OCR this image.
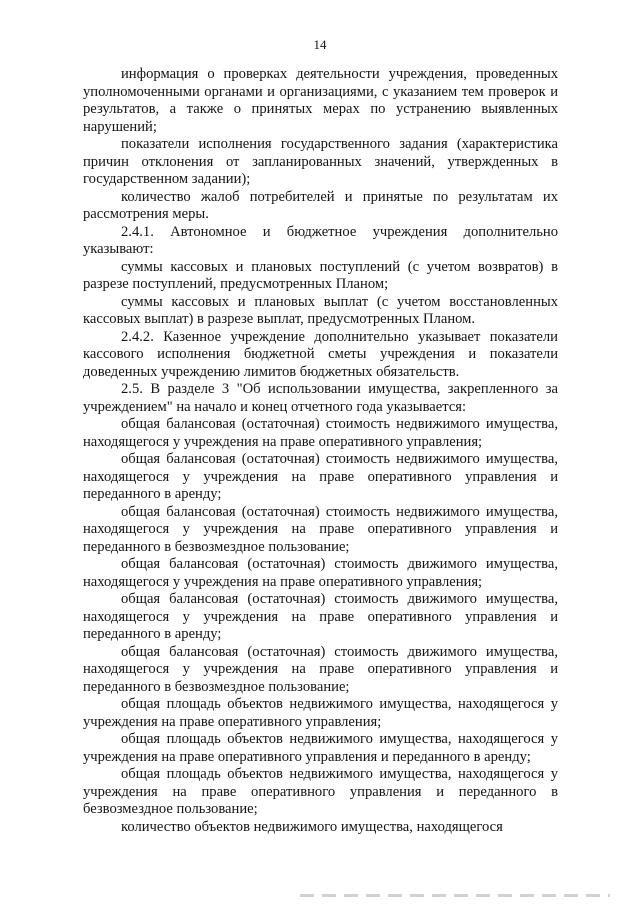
14

информация о проверках деятельности учреждения, проведенных уполномоченными органами и организациями, с указанием тем проверок и результатов, а также о принятых мерах по устранению выявленных нарушений;

показатели исполнения государственного задания (характеристика причин отклонения от запланированных значений, утвержденных в государственном задании);

количество жалоб потребителей и принятые по результатам их рассмотрения меры.

2.4.1. Автономное и бюджетное учреждения дополнительно указывают:

суммы кассовых и плановых поступлений (с учетом возвратов) в разрезе поступлений, предусмотренных Планом;

суммы кассовых и плановых выплат (с учетом восстановленных кассовых выплат) в разрезе выплат, предусмотренных Планом.

2.4.2. Казенное учреждение дополнительно указывает показатели кассового исполнения бюджетной сметы учреждения и показатели доведенных учреждению лимитов бюджетных обязательств.

2.5. В разделе 3 "Об использовании имущества, закрепленного за учреждением" на начало и конец отчетного года указывается:

общая балансовая (остаточная) стоимость недвижимого имущества, находящегося у учреждения на праве оперативного управления;

общая балансовая (остаточная) стоимость недвижимого имущества, находящегося у учреждения на праве оперативного управления и переданного в аренду;

общая балансовая (остаточная) стоимость недвижимого имущества, находящегося у учреждения на праве оперативного управления и переданного в безвозмездное пользование;

общая балансовая (остаточная) стоимость движимого имущества, находящегося у учреждения на праве оперативного управления;

общая балансовая (остаточная) стоимость движимого имущества, находящегося у учреждения на праве оперативного управления и переданного в аренду;

общая балансовая (остаточная) стоимость движимого имущества, находящегося у учреждения на праве оперативного управления и переданного в безвозмездное пользование;

общая площадь объектов недвижимого имущества, находящегося у учреждения на праве оперативного управления;

общая площадь объектов недвижимого имущества, находящегося у учреждения на праве оперативного управления и переданного в аренду;

общая площадь объектов недвижимого имущества, находящегося у учреждения на праве оперативного управления и переданного в безвозмездное пользование;

количество объектов недвижимого имущества, находящегося
